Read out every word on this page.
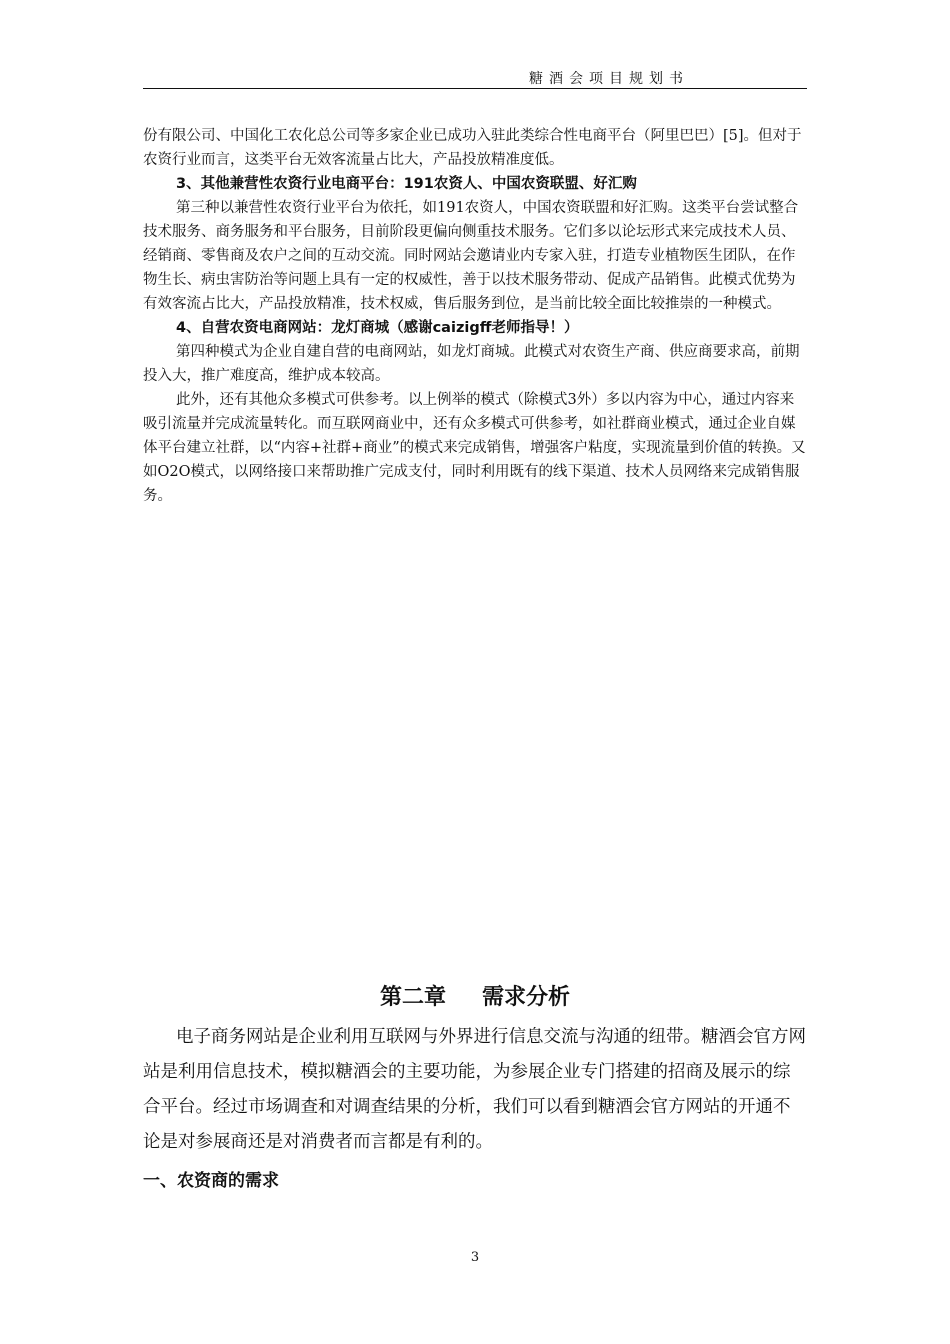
糖酒会项目规划书

份有限公司、中国化工农化总公司等多家企业已成功入驻此类综合性电商平台（阿里巴巴）[5]。但对于农资行业而言，这类平台无效客流量占比大，产品投放精准度低。

3、其他兼营性农资行业电商平台：191农资人、中国农资联盟、好汇购

第三种以兼营性农资行业平台为依托，如191农资人，中国农资联盟和好汇购。这类平台尝试整合技术服务、商务服务和平台服务，目前阶段更偏向侧重技术服务。它们多以论坛形式来完成技术人员、经销商、零售商及农户之间的互动交流。同时网站会邀请业内专家入驻，打造专业植物医生团队，在作物生长、病虫害防治等问题上具有一定的权威性，善于以技术服务带动、促成产品销售。此模式优势为有效客流占比大，产品投放精准，技术权威，售后服务到位，是当前比较全面比较推崇的一种模式。

4、自营农资电商网站：龙灯商城（感谢caizigff老师指导！）

第四种模式为企业自建自营的电商网站，如龙灯商城。此模式对农资生产商、供应商要求高，前期投入大，推广难度高，维护成本较高。

此外，还有其他众多模式可供参考。以上例举的模式（除模式3外）多以内容为中心，通过内容来吸引流量并完成流量转化。而互联网商业中，还有众多模式可供参考，如社群商业模式，通过企业自媒体平台建立社群，以“内容+社群+商业”的模式来完成销售，增强客户粘度，实现流量到价值的转换。又如O2O模式，以网络接口来帮助推广完成支付，同时利用既有的线下渠道、技术人员网络来完成销售服务。

第二章 需求分析

电子商务网站是企业利用互联网与外界进行信息交流与沟通的纽带。糖酒会官方网站是利用信息技术，模拟糖酒会的主要功能，为参展企业专门搭建的招商及展示的综合平台。经过市场调查和对调查结果的分析，我们可以看到糖酒会官方网站的开通不论是对参展商还是对消费者而言都是有利的。

一、农资商的需求
3
